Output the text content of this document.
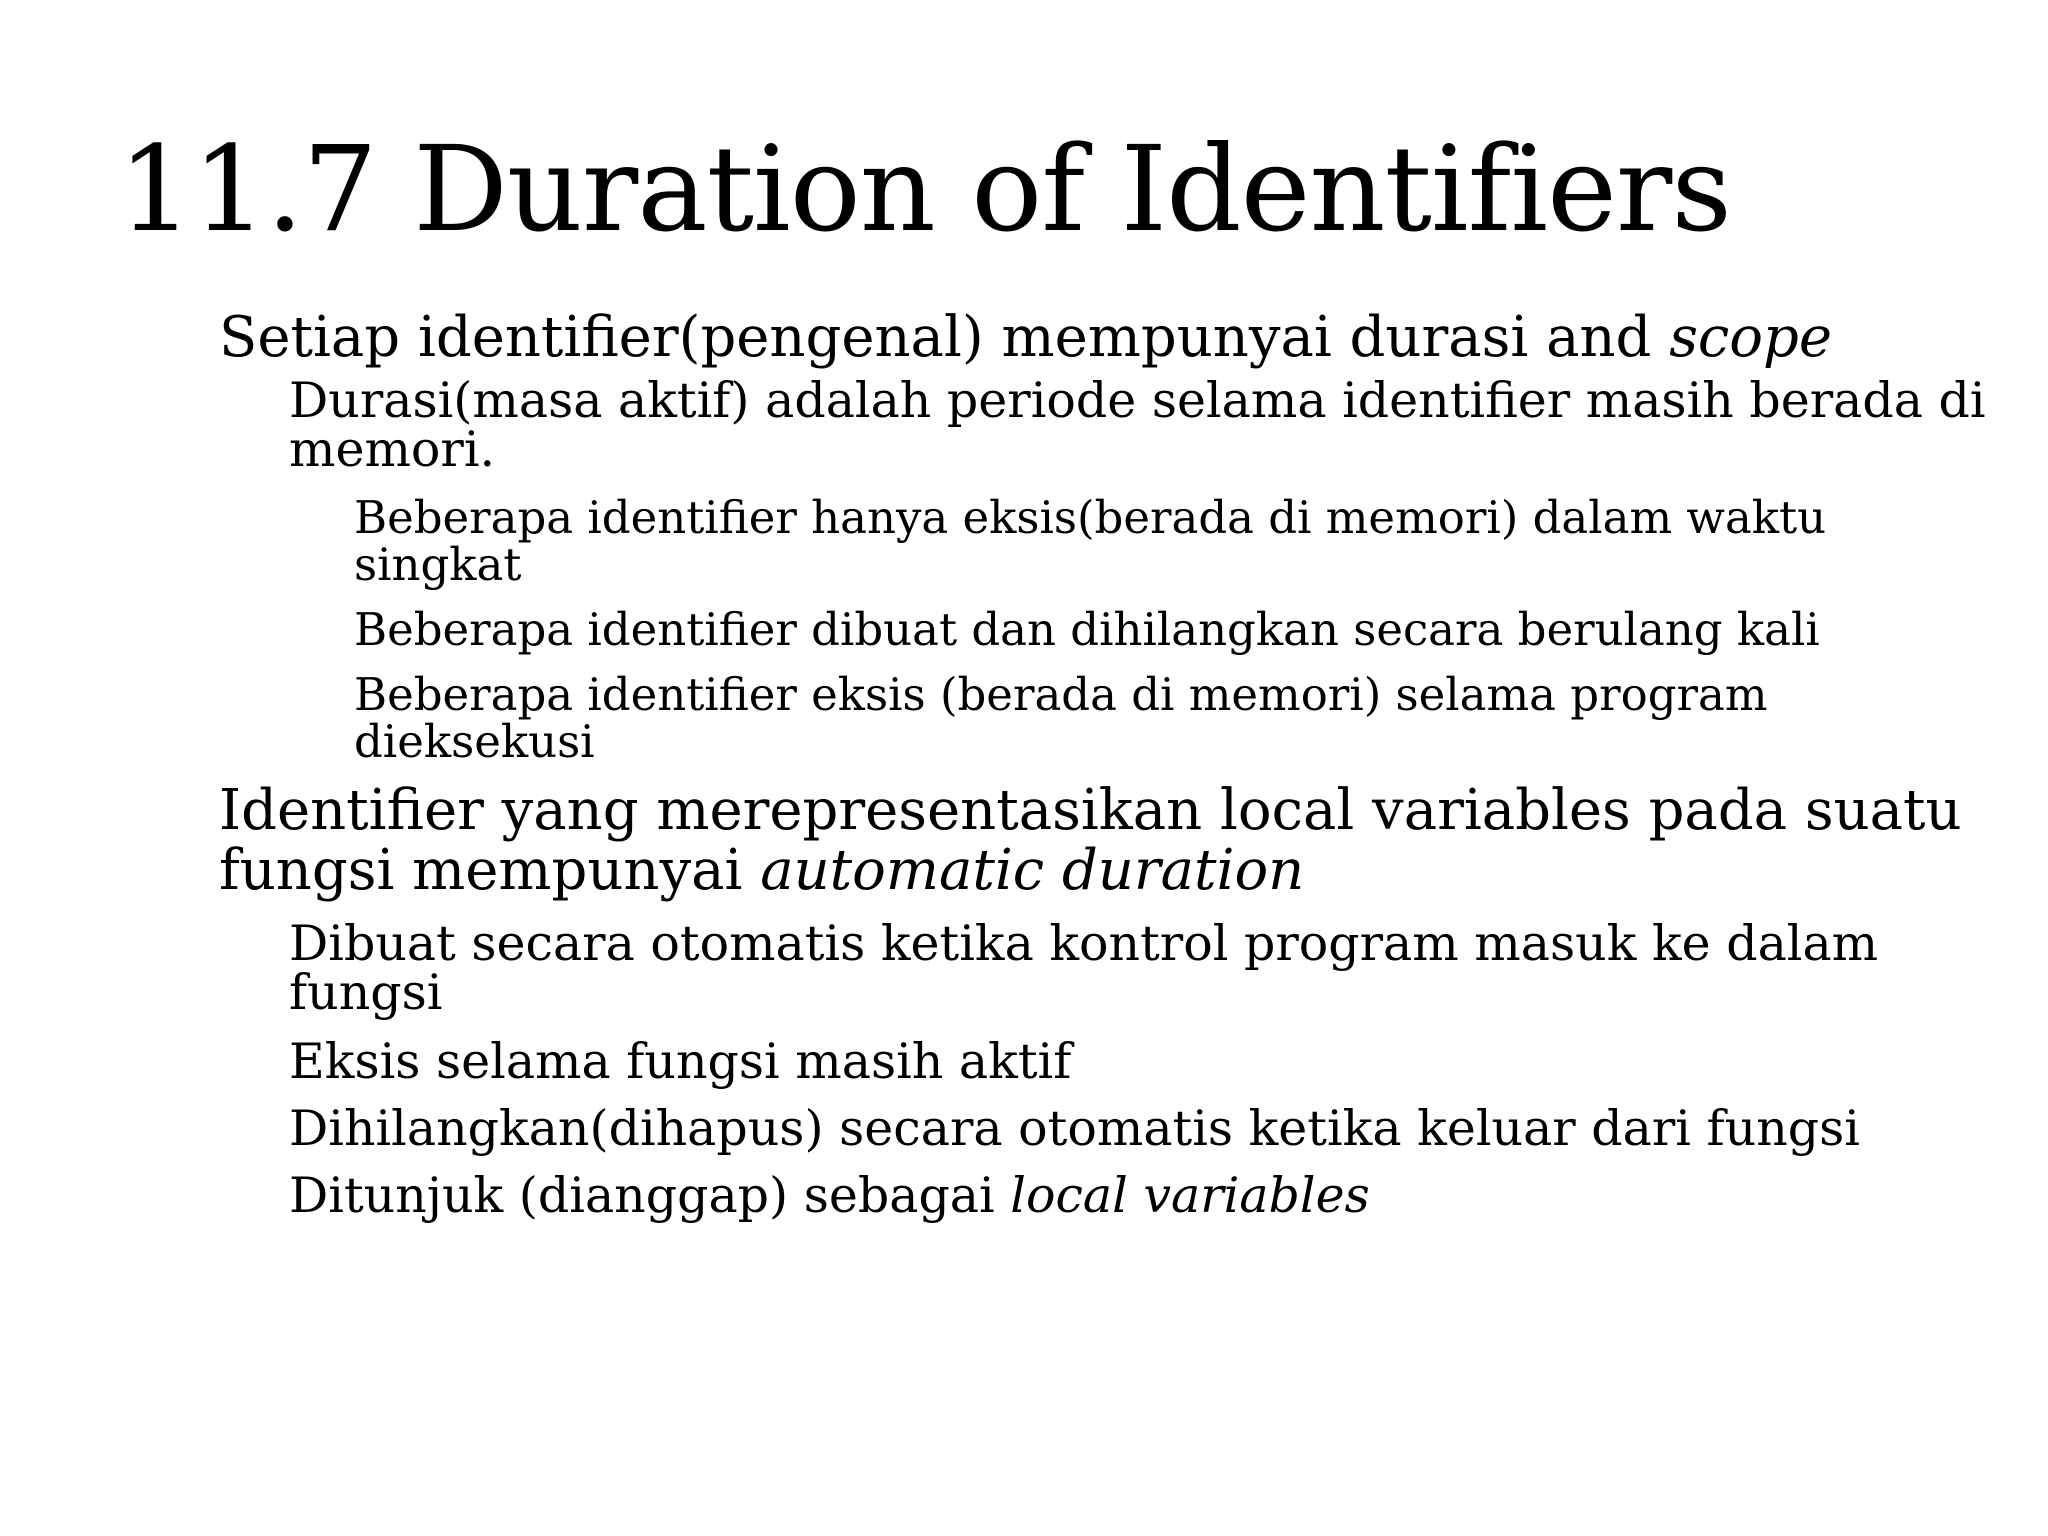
11.7 Duration of Identifiers
Setiap identifier(pengenal) mempunyai durasi and scope
Durasi(masa aktif) adalah periode selama identifier masih berada di memori.
Beberapa identifier hanya eksis(berada di memori) dalam waktu singkat
Beberapa identifier dibuat dan dihilangkan secara berulang kali
Beberapa identifier eksis (berada di memori) selama program dieksekusi
Identifier yang merepresentasikan local variables pada suatu fungsi mempunyai automatic duration
Dibuat secara otomatis ketika kontrol program masuk ke dalam fungsi
Eksis selama fungsi masih aktif
Dihilangkan(dihapus) secara otomatis ketika keluar dari fungsi
Ditunjuk (dianggap) sebagai local variables
